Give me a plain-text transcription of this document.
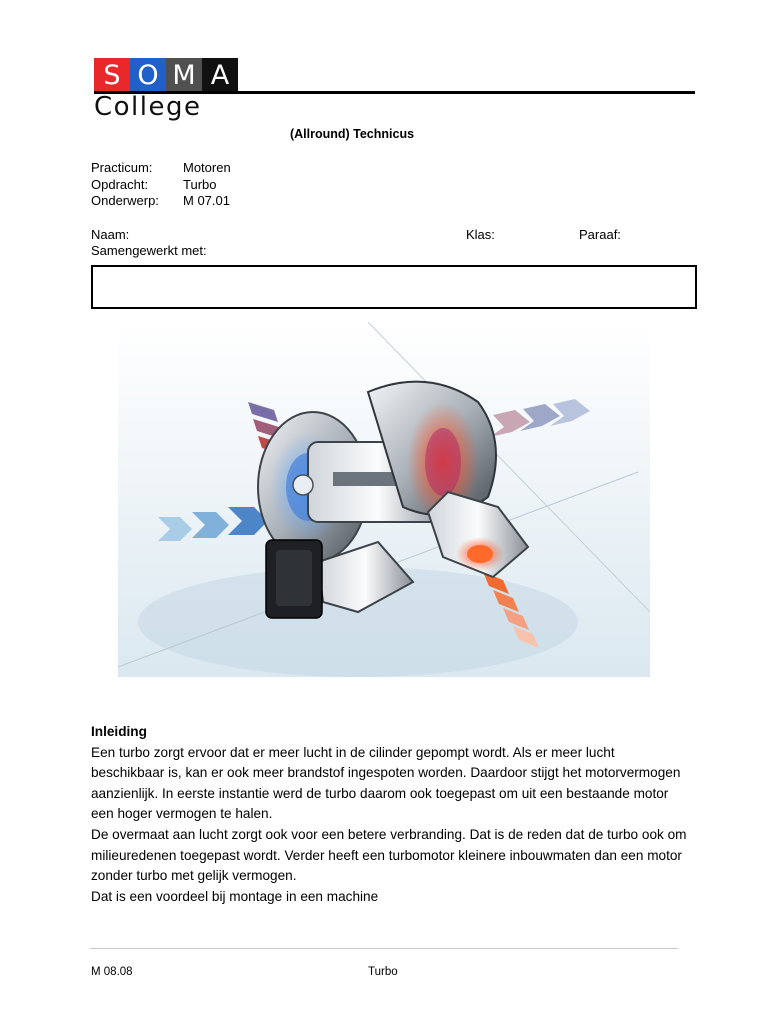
S O M A
College
(Allround) Technicus
Practicum: Motoren
Opdracht:	Turbo
Onderwerp: M 07.01
Naam:	Klas:	Paraaf:
Samengewerkt met:
Inleiding

Een turbo zorgt ervoor dat er meer lucht in de cilinder gepompt wordt. Als er meer lucht beschikbaar is, kan er ook meer brandstof ingespoten worden. Daardoor stijgt het motorvermogen aanzienlijk. In eerste instantie werd de turbo daarom ook toegepast om uit een bestaande motor een hoger vermogen te halen.

De overmaat aan lucht zorgt ook voor een betere verbranding. Dat is de reden dat de turbo ook om milieuredenen toegepast wordt. Verder heeft een turbomotor kleinere inbouwmaten dan een motor zonder turbo met gelijk vermogen.

Dat is een voordeel bij montage in een machine

M 08.08	Turbo
